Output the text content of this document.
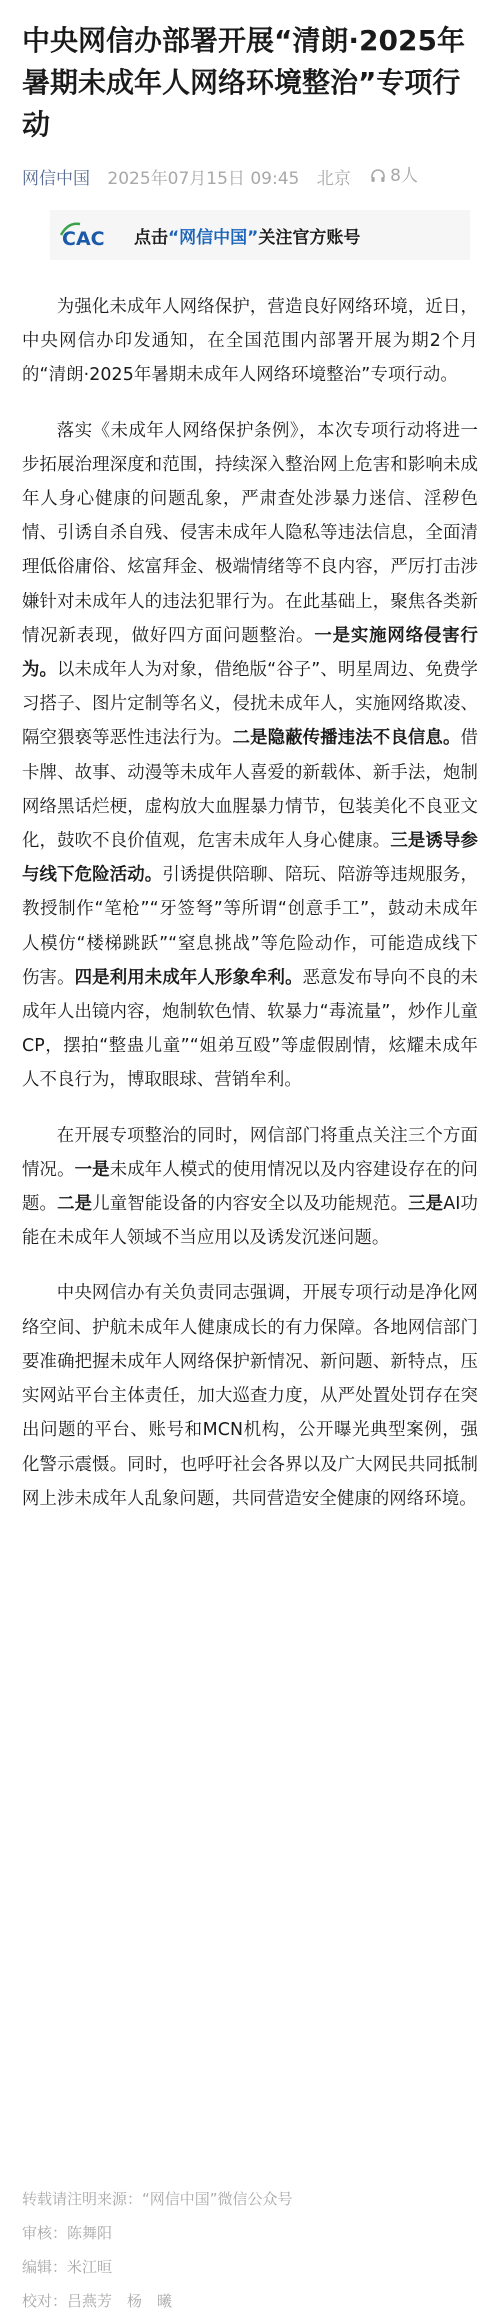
中央网信办部署开展“清朗·2025年暑期未成年人网络环境整治”专项行动
网信中国 2025年07月15日 09:45 北京 8人
CAC 点击“网信中国”关注官方账号

为强化未成年人网络保护，营造良好网络环境，近日，中央网信办印发通知，在全国范围内部署开展为期2个月的“清朗·2025年暑期未成年人网络环境整治”专项行动。

落实《未成年人网络保护条例》，本次专项行动将进一步拓展治理深度和范围，持续深入整治网上危害和影响未成年人身心健康的问题乱象，严肃查处涉暴力迷信、淫秽色情、引诱自杀自残、侵害未成年人隐私等违法信息，全面清理低俗庸俗、炫富拜金、极端情绪等不良内容，严厉打击涉嫌针对未成年人的违法犯罪行为。在此基础上，聚焦各类新情况新表现，做好四方面问题整治。一是实施网络侵害行为。以未成年人为对象，借绝版“谷子”、明星周边、免费学习搭子、图片定制等名义，侵扰未成年人，实施网络欺凌、隔空猥亵等恶性违法行为。二是隐蔽传播违法不良信息。借卡牌、故事、动漫等未成年人喜爱的新载体、新手法，炮制网络黑话烂梗，虚构放大血腥暴力情节，包装美化不良亚文化，鼓吹不良价值观，危害未成年人身心健康。三是诱导参与线下危险活动。引诱提供陪聊、陪玩、陪游等违规服务，教授制作“笔枪”“牙签弩”等所谓“创意手工”，鼓动未成年人模仿“楼梯跳跃”“窒息挑战”等危险动作，可能造成线下伤害。四是利用未成年人形象牟利。恶意发布导向不良的未成年人出镜内容，炮制软色情、软暴力“毒流量”，炒作儿童CP，摆拍“整蛊儿童”“姐弟互殴”等虚假剧情，炫耀未成年人不良行为，博取眼球、营销牟利。

在开展专项整治的同时，网信部门将重点关注三个方面情况。一是未成年人模式的使用情况以及内容建设存在的问题。二是儿童智能设备的内容安全以及功能规范。三是AI功能在未成年人领域不当应用以及诱发沉迷问题。

中央网信办有关负责同志强调，开展专项行动是净化网络空间、护航未成年人健康成长的有力保障。各地网信部门要准确把握未成年人网络保护新情况、新问题、新特点，压实网站平台主体责任，加大巡查力度，从严处置处罚存在突出问题的平台、账号和MCN机构，公开曝光典型案例，强化警示震慑。同时，也呼吁社会各界以及广大网民共同抵制网上涉未成年人乱象问题，共同营造安全健康的网络环境。

转载请注明来源：“网信中国”微信公众号
审核：陈舞阳
编辑：米江晅
校对：吕燕芳　杨　曦
